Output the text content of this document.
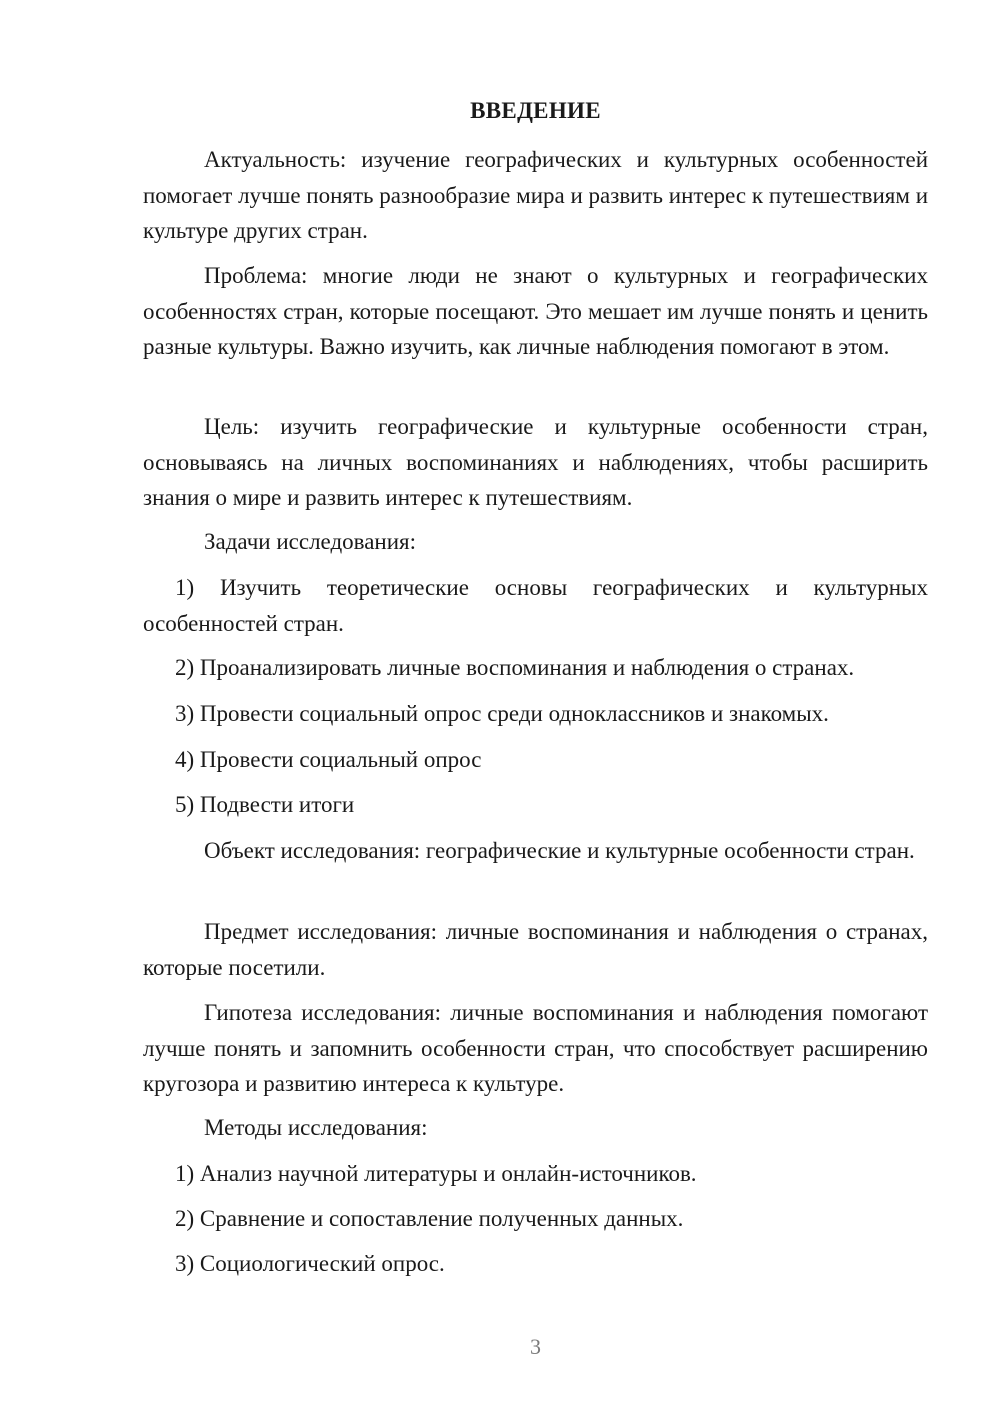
ВВЕДЕНИЕ
Актуальность: изучение географических и культурных особенностей помогает лучше понять разнообразие мира и развить интерес к путешествиям и культуре других стран.
Проблема: многие люди не знают о культурных и географических особенностях стран, которые посещают. Это мешает им лучше понять и ценить разные культуры. Важно изучить, как личные наблюдения помогают в этом.
Цель: изучить географические и культурные особенности стран, основываясь на личных воспоминаниях и наблюдениях, чтобы расширить знания о мире и развить интерес к путешествиям.
Задачи исследования:
1) Изучить теоретические основы географических и культурных особенностей стран.
2) Проанализировать личные воспоминания и наблюдения о странах.
3) Провести социальный опрос среди одноклассников и знакомых.
4) Провести социальный опрос
5) Подвести итоги
Объект исследования: географические и культурные особенности стран.
Предмет исследования: личные воспоминания и наблюдения о странах, которые посетили.
Гипотеза исследования: личные воспоминания и наблюдения помогают лучше понять и запомнить особенности стран, что способствует расширению кругозора и развитию интереса к культуре.
Методы исследования:
1) Анализ научной литературы и онлайн-источников.
2) Сравнение и сопоставление полученных данных.
3) Социологический опрос.
3
